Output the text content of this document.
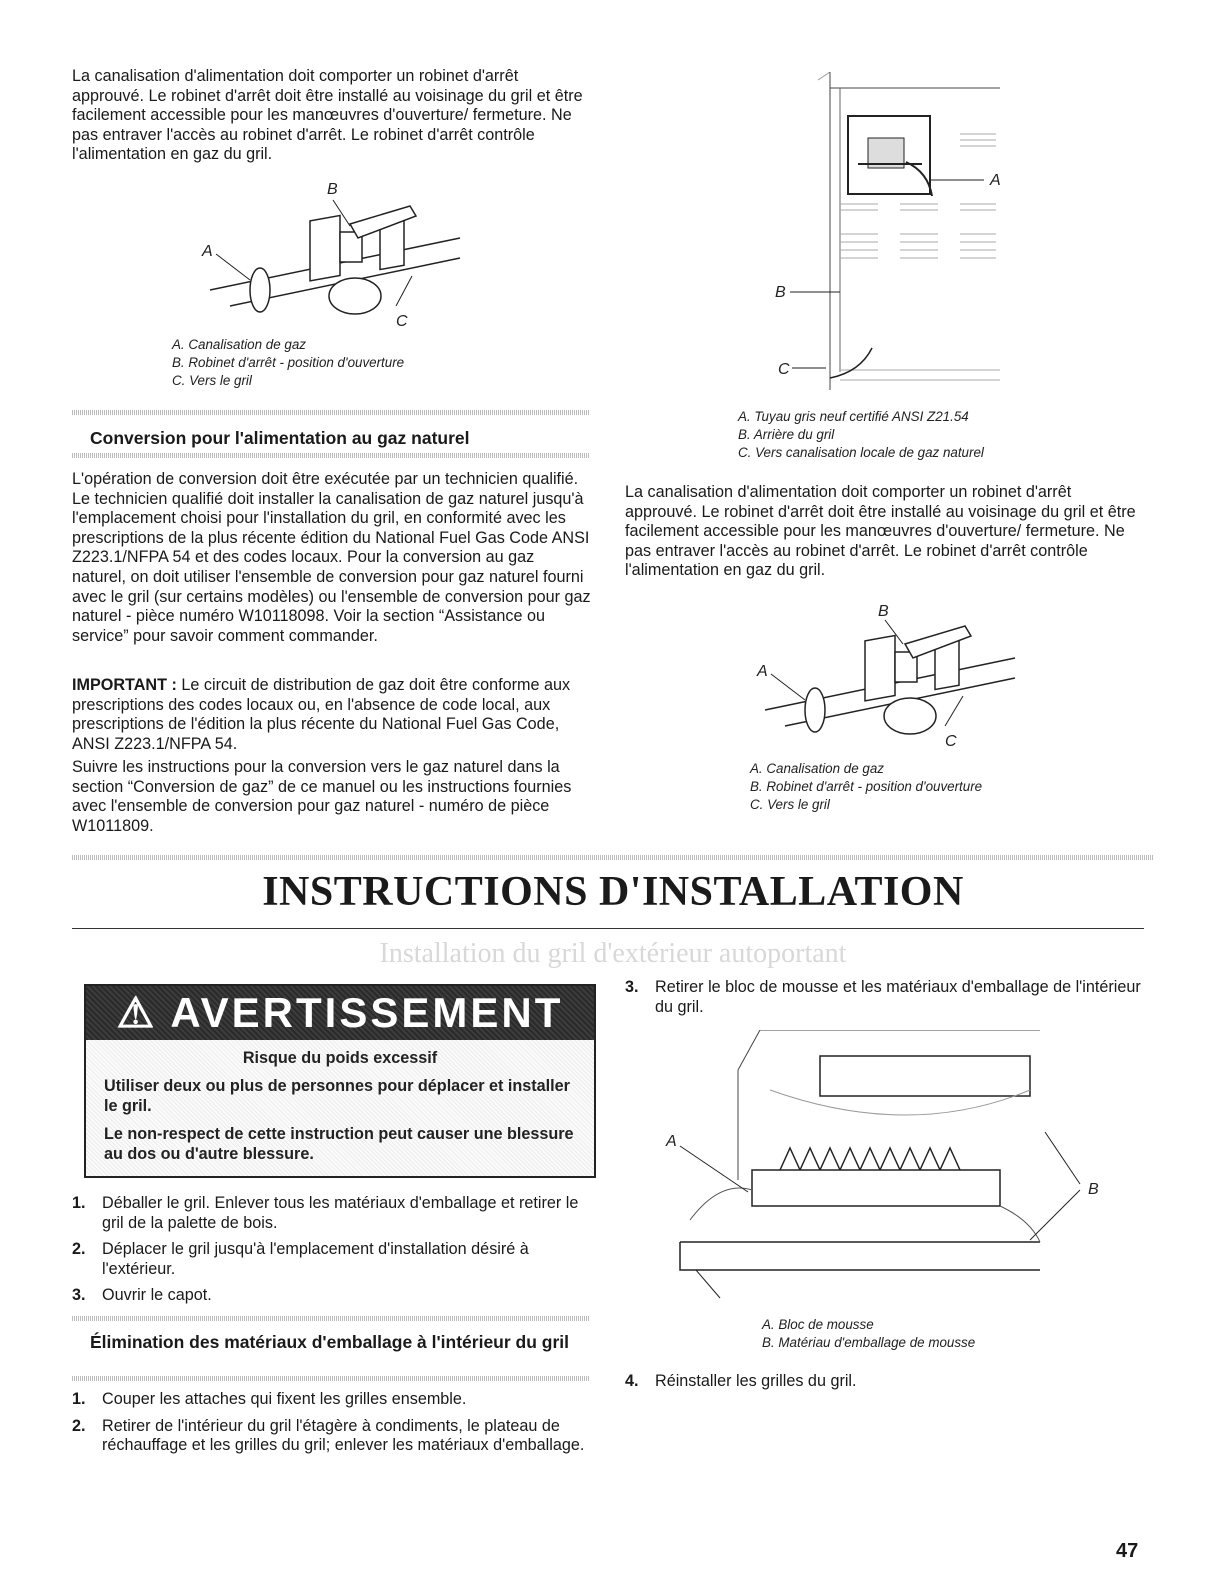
La canalisation d'alimentation doit comporter un robinet d'arrêt approuvé. Le robinet d'arrêt doit être installé au voisinage du gril et être facilement accessible pour les manœuvres d'ouverture/ fermeture. Ne pas entraver l'accès au robinet d'arrêt. Le robinet d'arrêt contrôle l'alimentation en gaz du gril.

B
A
C

A. Canalisation de gaz

B. Robinet d'arrêt - position d'ouverture

C. Vers le gril

Conversion pour l'alimentation au gaz naturel

L'opération de conversion doit être exécutée par un technicien qualifié. Le technicien qualifié doit installer la canalisation de gaz naturel jusqu'à l'emplacement choisi pour l'installation du gril, en conformité avec les prescriptions de la plus récente édition du National Fuel Gas Code ANSI Z223.1/NFPA 54 et des codes locaux. Pour la conversion au gaz naturel, on doit utiliser l'ensemble de conversion pour gaz naturel fourni avec le gril (sur certains modèles) ou l'ensemble de conversion pour gaz naturel - pièce numéro W10118098. Voir la section “Assistance ou service” pour savoir comment commander.

IMPORTANT : Le circuit de distribution de gaz doit être conforme aux prescriptions des codes locaux ou, en l'absence de code local, aux prescriptions de l'édition la plus récente du National Fuel Gas Code, ANSI Z223.1/NFPA 54.

Suivre les instructions pour la conversion vers le gaz naturel dans la section “Conversion de gaz” de ce manuel ou les instructions fournies avec l'ensemble de conversion pour gaz naturel - numéro de pièce W1011809.

A
B
C

A. Tuyau gris neuf certifié ANSI Z21.54

B. Arrière du gril

C. Vers canalisation locale de gaz naturel

La canalisation d'alimentation doit comporter un robinet d'arrêt approuvé. Le robinet d'arrêt doit être installé au voisinage du gril et être facilement accessible pour les manœuvres d'ouverture/ fermeture. Ne pas entraver l'accès au robinet d'arrêt. Le robinet d'arrêt contrôle l'alimentation en gaz du gril.

B
A
C

A. Canalisation de gaz

B. Robinet d'arrêt - position d'ouverture

C. Vers le gril

INSTRUCTIONS D'INSTALLATION
Installation du gril d'extérieur autoportant
⚠ AVERTISSEMENT

Risque du poids excessif

Utiliser deux ou plus de personnes pour déplacer et installer le gril.

Le non-respect de cette instruction peut causer une blessure au dos ou d'autre blessure.

1. Déballer le gril. Enlever tous les matériaux d'emballage et retirer le gril de la palette de bois.
2. Déplacer le gril jusqu'à l'emplacement d'installation désiré à l'extérieur.
3. Ouvrir le capot.
Élimination des matériaux d'emballage à l'intérieur du gril
1. Couper les attaches qui fixent les grilles ensemble.
2. Retirer de l'intérieur du gril l'étagère à condiments, le plateau de réchauffage et les grilles du gril; enlever les matériaux d'emballage.
3. Retirer le bloc de mousse et les matériaux d'emballage de l'intérieur du gril.
A
B

A. Bloc de mousse

B. Matériau d'emballage de mousse

4. Réinstaller les grilles du gril.
47
